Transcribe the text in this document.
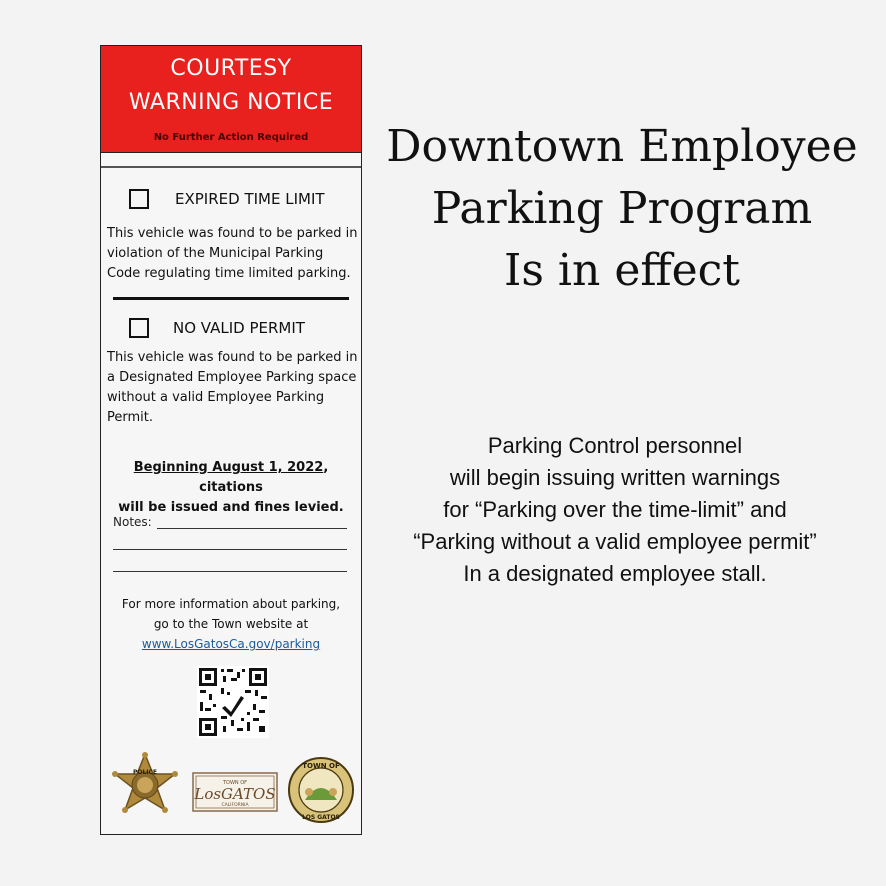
COURTESY
WARNING NOTICE
No Further Action Required
EXPIRED TIME LIMIT
This vehicle was found to be parked in violation of the Municipal Parking Code regulating time limited parking.
NO VALID PERMIT
This vehicle was found to be parked in a Designated Employee Parking space without a valid Employee Parking Permit.
Beginning August 1, 2022, citations
will be issued and fines levied.
Notes:
For more information about parking,
go to the Town website at
www.LosGatosCa.gov/parking
POLICE
TOWN OF
LosGATOS
CALIFORNIA
TOWN OF
LOS GATOS
Downtown Employee
Parking Program
Is in effect
Parking Control personnel
will begin issuing written warnings
for “Parking over the time-limit” and
“Parking without a valid employee permit”
In a designated employee stall.
